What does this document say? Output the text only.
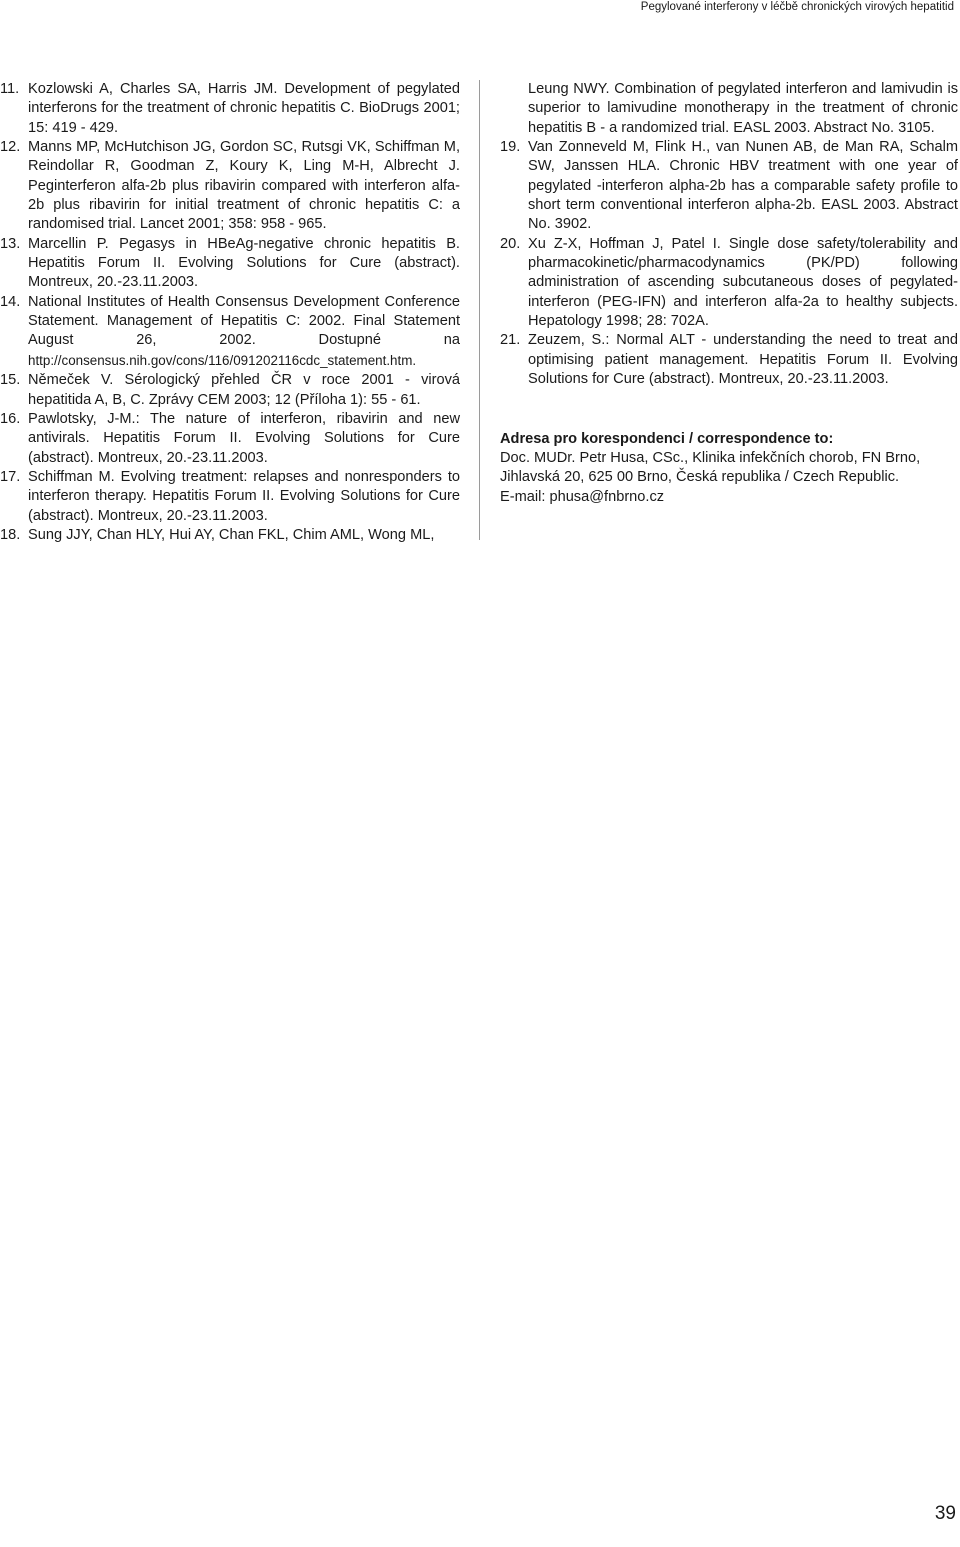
Pegylované interferony v léčbě chronických virových hepatitid

11. Kozlowski A, Charles SA, Harris JM. Development of pegylated interferons for the treatment of chronic hepatitis C. BioDrugs 2001; 15: 419 - 429.

12. Manns MP, McHutchison JG, Gordon SC, Rutsgi VK, Schiffman M, Reindollar R, Goodman Z, Koury K, Ling M-H, Albrecht J. Peginterferon alfa-2b plus ribavirin compared with interferon alfa-2b plus ribavirin for initial treatment of chronic hepatitis C: a randomised trial. Lancet 2001; 358: 958 - 965.

13. Marcellin P. Pegasys in HBeAg-negative chronic hepatitis B. Hepatitis Forum II. Evolving Solutions for Cure (abstract). Montreux, 20.-23.11.2003.

14. National Institutes of Health Consensus Development Conference Statement. Management of Hepatitis C: 2002. Final Statement August 26, 2002. Dostupné na http://consensus.nih.gov/cons/116/091202116cdc_statement.htm.

15. Němeček V. Sérologický přehled ČR v roce 2001 - virová hepatitida A, B, C. Zprávy CEM 2003; 12 (Příloha 1): 55 - 61.

16. Pawlotsky, J-M.: The nature of interferon, ribavirin and new antivirals. Hepatitis Forum II. Evolving Solutions for Cure (abstract). Montreux, 20.-23.11.2003.

17. Schiffman M. Evolving treatment: relapses and nonresponders to interferon therapy. Hepatitis Forum II. Evolving Solutions for Cure (abstract). Montreux, 20.-23.11.2003.

18. Sung JJY, Chan HLY, Hui AY, Chan FKL, Chim AML, Wong ML,

Leung NWY. Combination of pegylated interferon and lamivudin is superior to lamivudine monotherapy in the treatment of chronic hepatitis B - a randomized trial. EASL 2003. Abstract No. 3105.

19. Van Zonneveld M, Flink H., van Nunen AB, de Man RA, Schalm SW, Janssen HLA. Chronic HBV treatment with one year of pegylated -interferon alpha-2b has a comparable safety profile to short term conventional interferon alpha-2b. EASL 2003. Abstract No. 3902.

20. Xu Z-X, Hoffman J, Patel I. Single dose safety/tolerability and pharmacokinetic/pharmacodynamics (PK/PD) following administration of ascending subcutaneous doses of pegylated-interferon (PEG-IFN) and interferon alfa-2a to healthy subjects. Hepatology 1998; 28: 702A.

21. Zeuzem, S.: Normal ALT - understanding the need to treat and optimising patient management. Hepatitis Forum II. Evolving Solutions for Cure (abstract). Montreux, 20.-23.11.2003.

Adresa pro korespondenci / correspondence to:
Doc. MUDr. Petr Husa, CSc., Klinika infekčních chorob, FN Brno,
Jihlavská 20, 625 00 Brno, Česká republika / Czech Republic.
E-mail: phusa@fnbrno.cz
39
